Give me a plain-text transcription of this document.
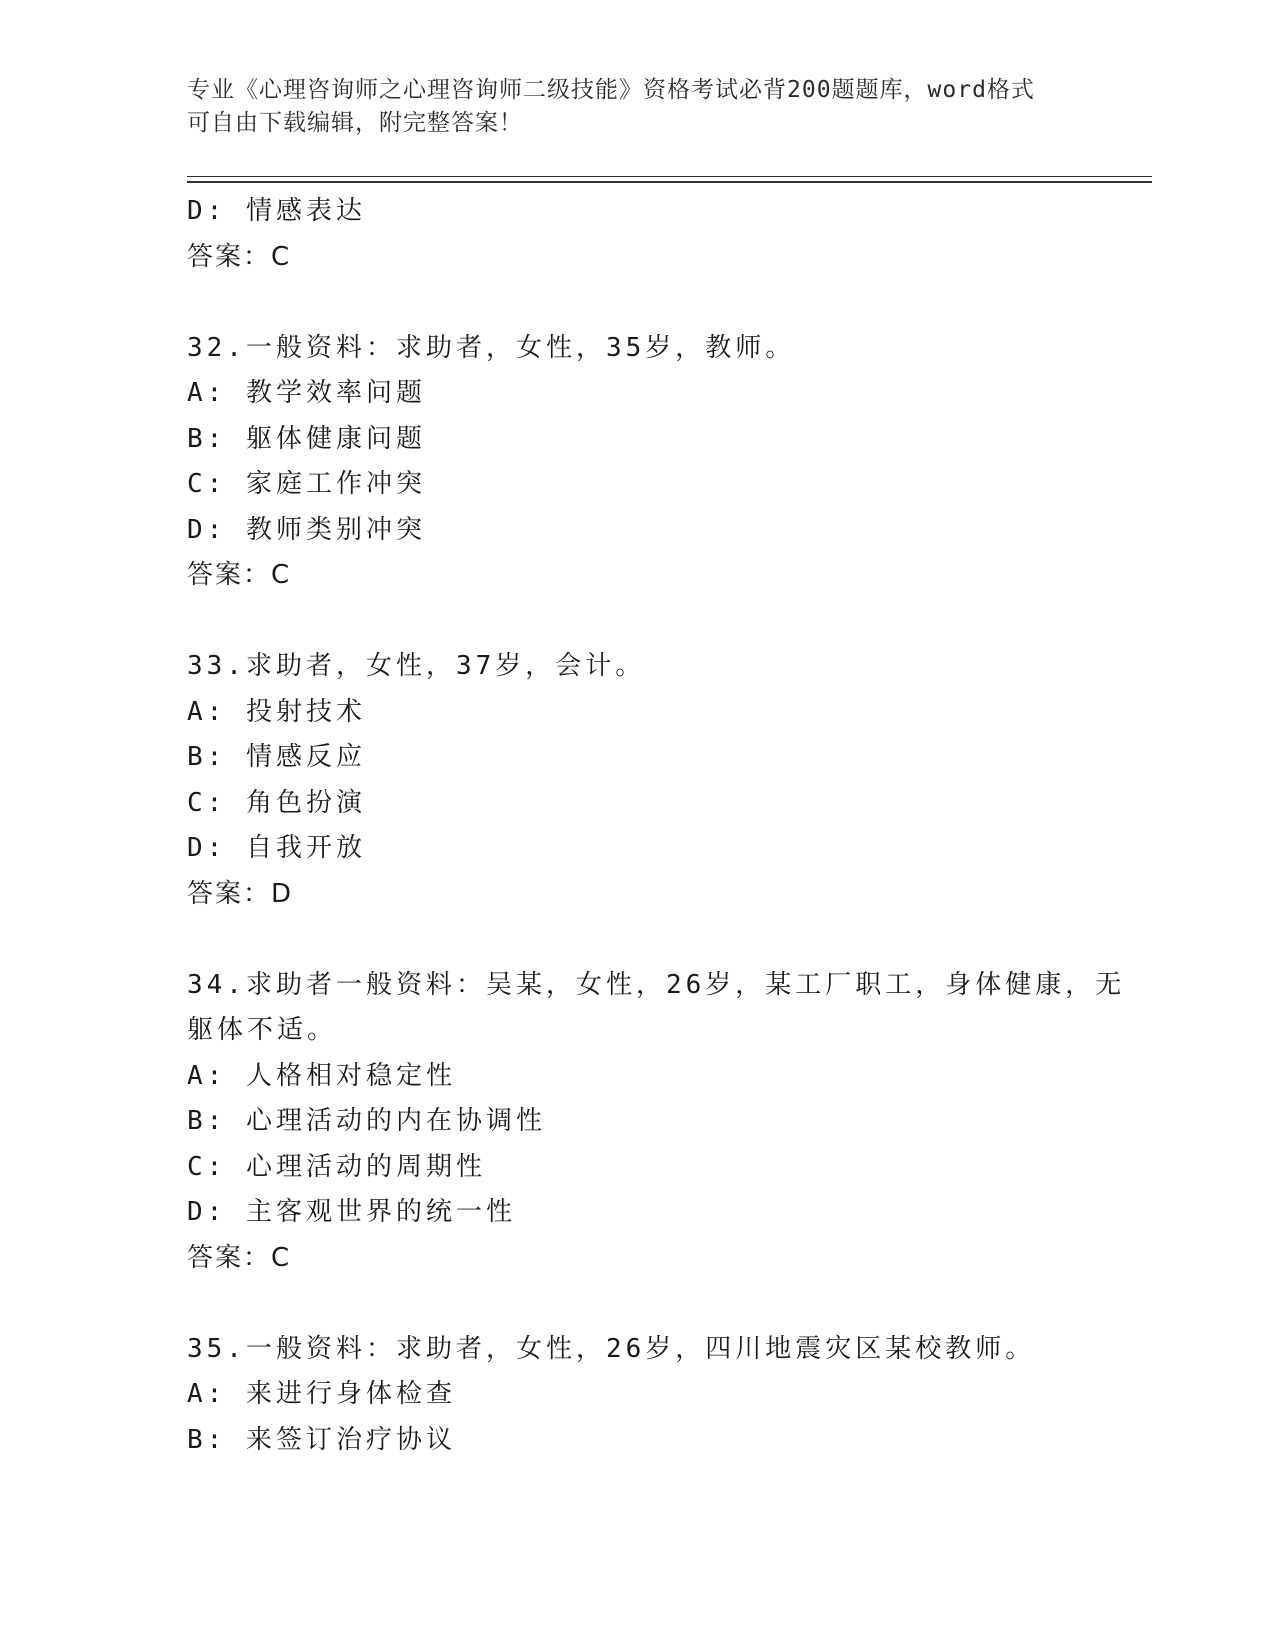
专业《心理咨询师之心理咨询师二级技能》资格考试必背200题题库，word格式
可自由下载编辑，附完整答案！
D: 情感表达
答案：C
32.一般资料：求助者，女性，35岁，教师。
A: 教学效率问题
B: 躯体健康问题
C: 家庭工作冲突
D: 教师类别冲突
答案：C
33.求助者，女性，37岁，会计。
A: 投射技术
B: 情感反应
C: 角色扮演
D: 自我开放
答案：D
34.求助者一般资料：吴某，女性，26岁，某工厂职工，身体健康，无
躯体不适。
A: 人格相对稳定性
B: 心理活动的内在协调性
C: 心理活动的周期性
D: 主客观世界的统一性
答案：C
35.一般资料：求助者，女性，26岁，四川地震灾区某校教师。
A: 来进行身体检查
B: 来签订治疗协议
